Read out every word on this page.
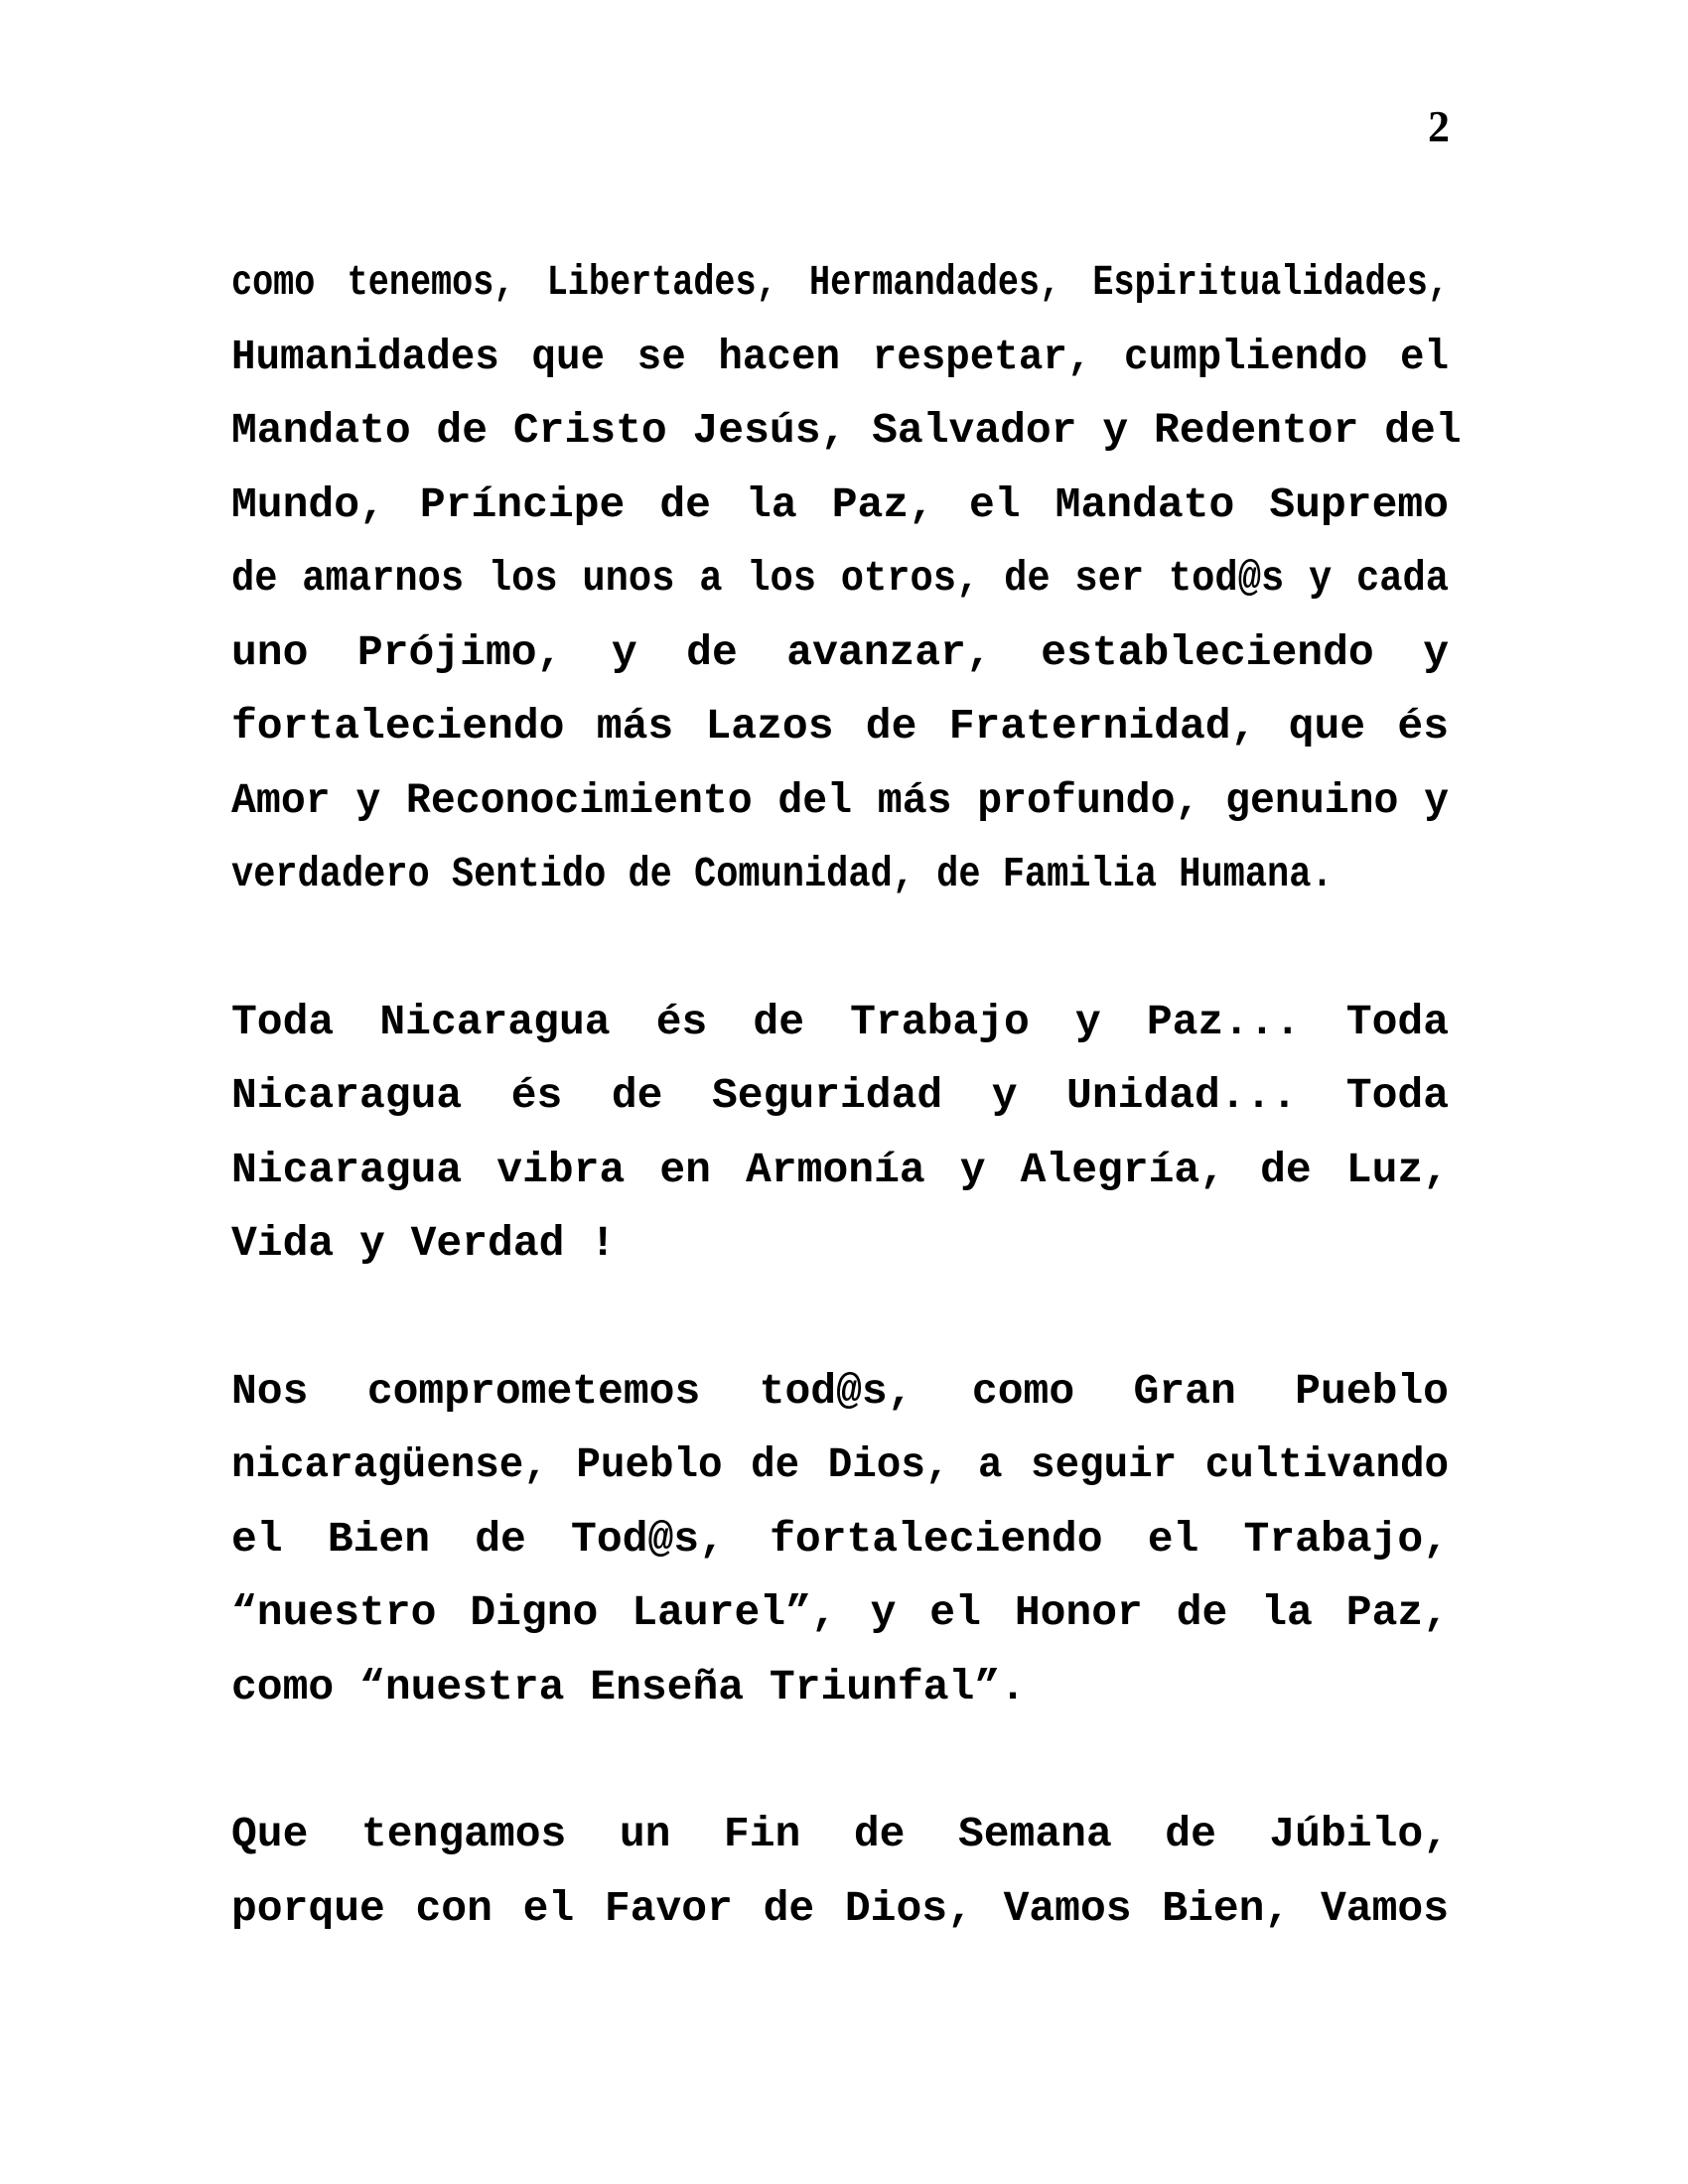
2
como tenemos, Libertades, Hermandades, Espiritualidades,
Humanidades que se hacen respetar, cumpliendo el
Mandato de Cristo Jesús, Salvador y Redentor del
Mundo, Príncipe de la Paz, el Mandato Supremo
de amarnos los unos a los otros, de ser tod@s y cada
uno Prójimo, y de avanzar, estableciendo y
fortaleciendo más Lazos de Fraternidad, que és
Amor y Reconocimiento del más profundo, genuino y
verdadero Sentido de Comunidad, de Familia Humana.
Toda Nicaragua és de Trabajo y Paz... Toda
Nicaragua és de Seguridad y Unidad... Toda
Nicaragua vibra en Armonía y Alegría, de Luz,
Vida y Verdad !
Nos comprometemos tod@s, como Gran Pueblo
nicaragüense, Pueblo de Dios, a seguir cultivando
el Bien de Tod@s, fortaleciendo el Trabajo,
“nuestro Digno Laurel”, y el Honor de la Paz,
como “nuestra Enseña Triunfal”.
Que tengamos un Fin de Semana de Júbilo,
porque con el Favor de Dios, Vamos Bien, Vamos
